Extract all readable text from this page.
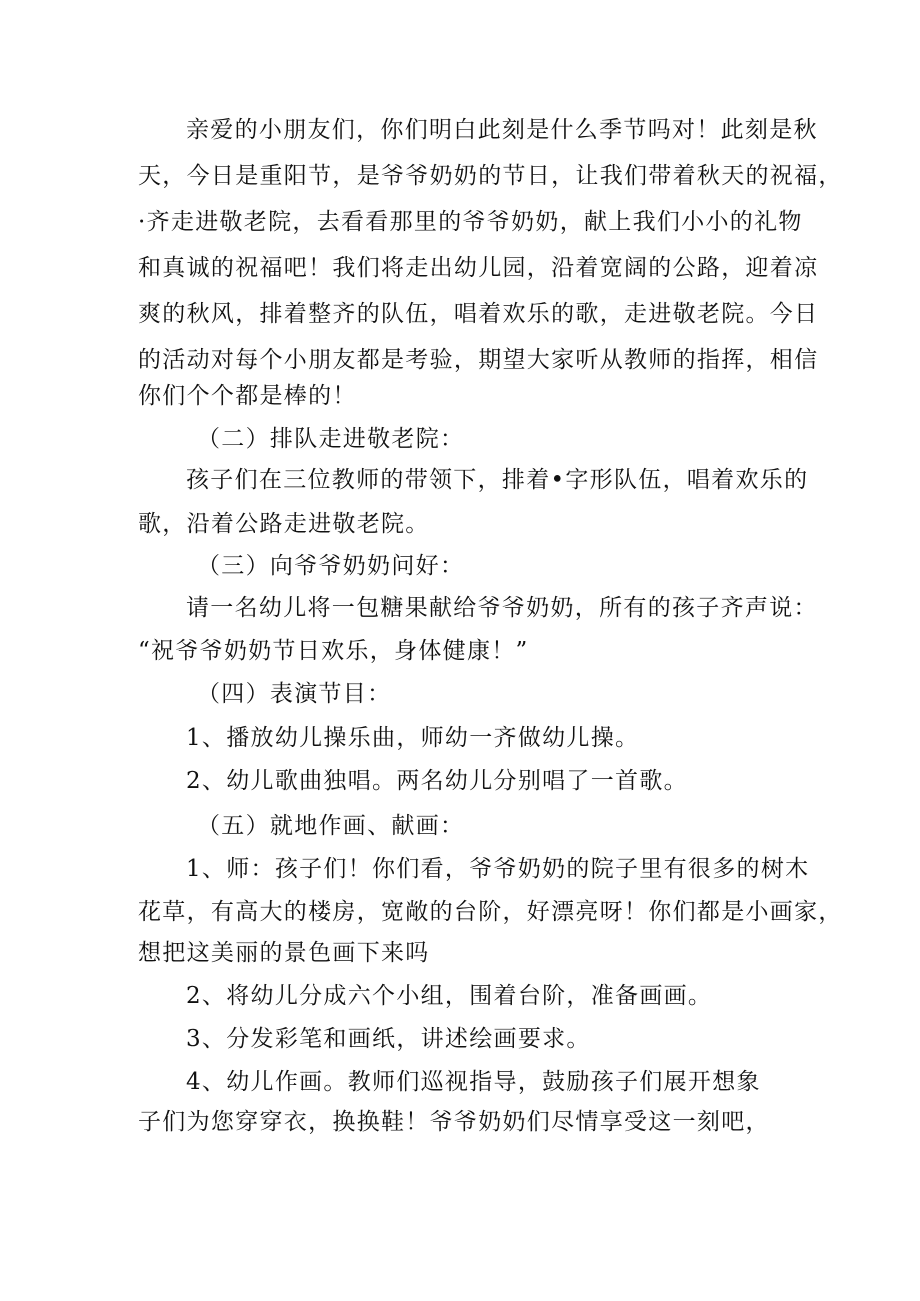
亲爱的小朋友们，你们明白此刻是什么季节吗对！此刻是秋
天，今日是重阳节，是爷爷奶奶的节日，让我们带着秋天的祝福，
·齐走进敬老院，去看看那里的爷爷奶奶，献上我们小小的礼物
和真诚的祝福吧！我们将走出幼儿园，沿着宽阔的公路，迎着凉
爽的秋风，排着整齐的队伍，唱着欢乐的歌，走进敬老院。今日
的活动对每个小朋友都是考验，期望大家听从教师的指挥，相信
你们个个都是棒的！
（二）排队走进敬老院：
孩子们在三位教师的带领下，排着•字形队伍，唱着欢乐的
歌，沿着公路走进敬老院。
（三）向爷爷奶奶问好：
请一名幼儿将一包糖果献给爷爷奶奶，所有的孩子齐声说：
“祝爷爷奶奶节日欢乐，身体健康！”
（四）表演节目：
1、播放幼儿操乐曲，师幼一齐做幼儿操。
2、幼儿歌曲独唱。两名幼儿分别唱了一首歌。
（五）就地作画、献画：
1、师：孩子们！你们看，爷爷奶奶的院子里有很多的树木
花草，有高大的楼房，宽敞的台阶，好漂亮呀！你们都是小画家，
想把这美丽的景色画下来吗
2、将幼儿分成六个小组，围着台阶，准备画画。
3、分发彩笔和画纸，讲述绘画要求。
4、幼儿作画。教师们巡视指导，鼓励孩子们展开想象
子们为您穿穿衣，换换鞋！爷爷奶奶们尽情享受这一刻吧，
